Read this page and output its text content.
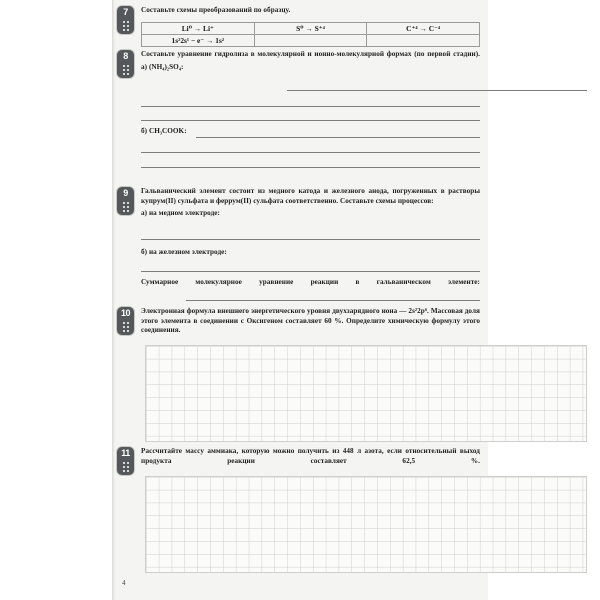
7	Составьте схемы преобразований по образцу.
Li⁰ → Li⁺	S⁰ → S⁺⁴	C⁺⁴ → C⁻⁴
1s²2s¹ − e⁻ → 1s²		
8	Составьте уравнение гидролиза в молекулярной и ионно-молекулярной формах (по первой стадии).
а) (NH₄)₂SO₄:
б) CH₃COOK:
9	Гальванический элемент состоит из медного катода и железного анода, погруженных в растворы купрум(II) сульфата и феррум(II) сульфата соответственно. Составьте схемы процессов:
а) на медном электроде:
б) на железном электроде:
Суммарное молекулярное уравнение реакции в гальваническом элементе:
10	Электронная формула внешнего энергетического уровня двухзарядного иона — 2s²2p⁶. Массовая доля этого элемента в соединении с Оксигеном составляет 60 %. Определите химическую формулу этого соединения.
11	Рассчитайте массу аммиака, которую можно получить из 448 л азота, если относительный выход продукта реакции составляет 62,5 %.
4
